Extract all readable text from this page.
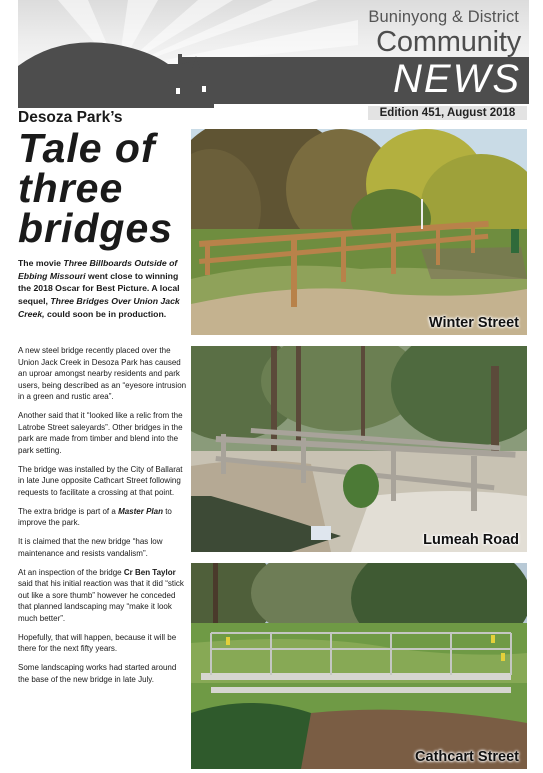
Buninyong & District
Community
NEWS
Edition 451, August 2018
Desoza Park’s
Tale of
three
bridges
The movie Three Billboards Outside of Ebbing Missouri went close to winning the 2018 Oscar for Best Picture. A local sequel, Three Bridges Over Union Jack Creek, could soon be in production.

A new steel bridge recently placed over the Union Jack Creek in Desoza Park has caused an uproar amongst nearby residents and park users, being described as an “eyesore intrusion in a green and rustic area”.

Another said that it “looked like a relic from the Latrobe Street saleyards”. Other bridges in the park are made from timber and blend into the park setting.

The bridge was installed by the City of Ballarat in late June opposite Cathcart Street following requests to facilitate a crossing at that point.

The extra bridge is part of a Master Plan to improve the park.

It is claimed that the new bridge “has low maintenance and resists vandalism”.

At an inspection of the bridge Cr Ben Taylor said that his initial reaction was that it did “stick out like a sore thumb” however he conceded that planned landscaping may “make it look much better”.

Hopefully, that will happen, because it will be there for the next fifty years.

Some landscaping works had started around the base of the new bridge in late July.

Winter Street
Lumeah Road
Cathcart Street
